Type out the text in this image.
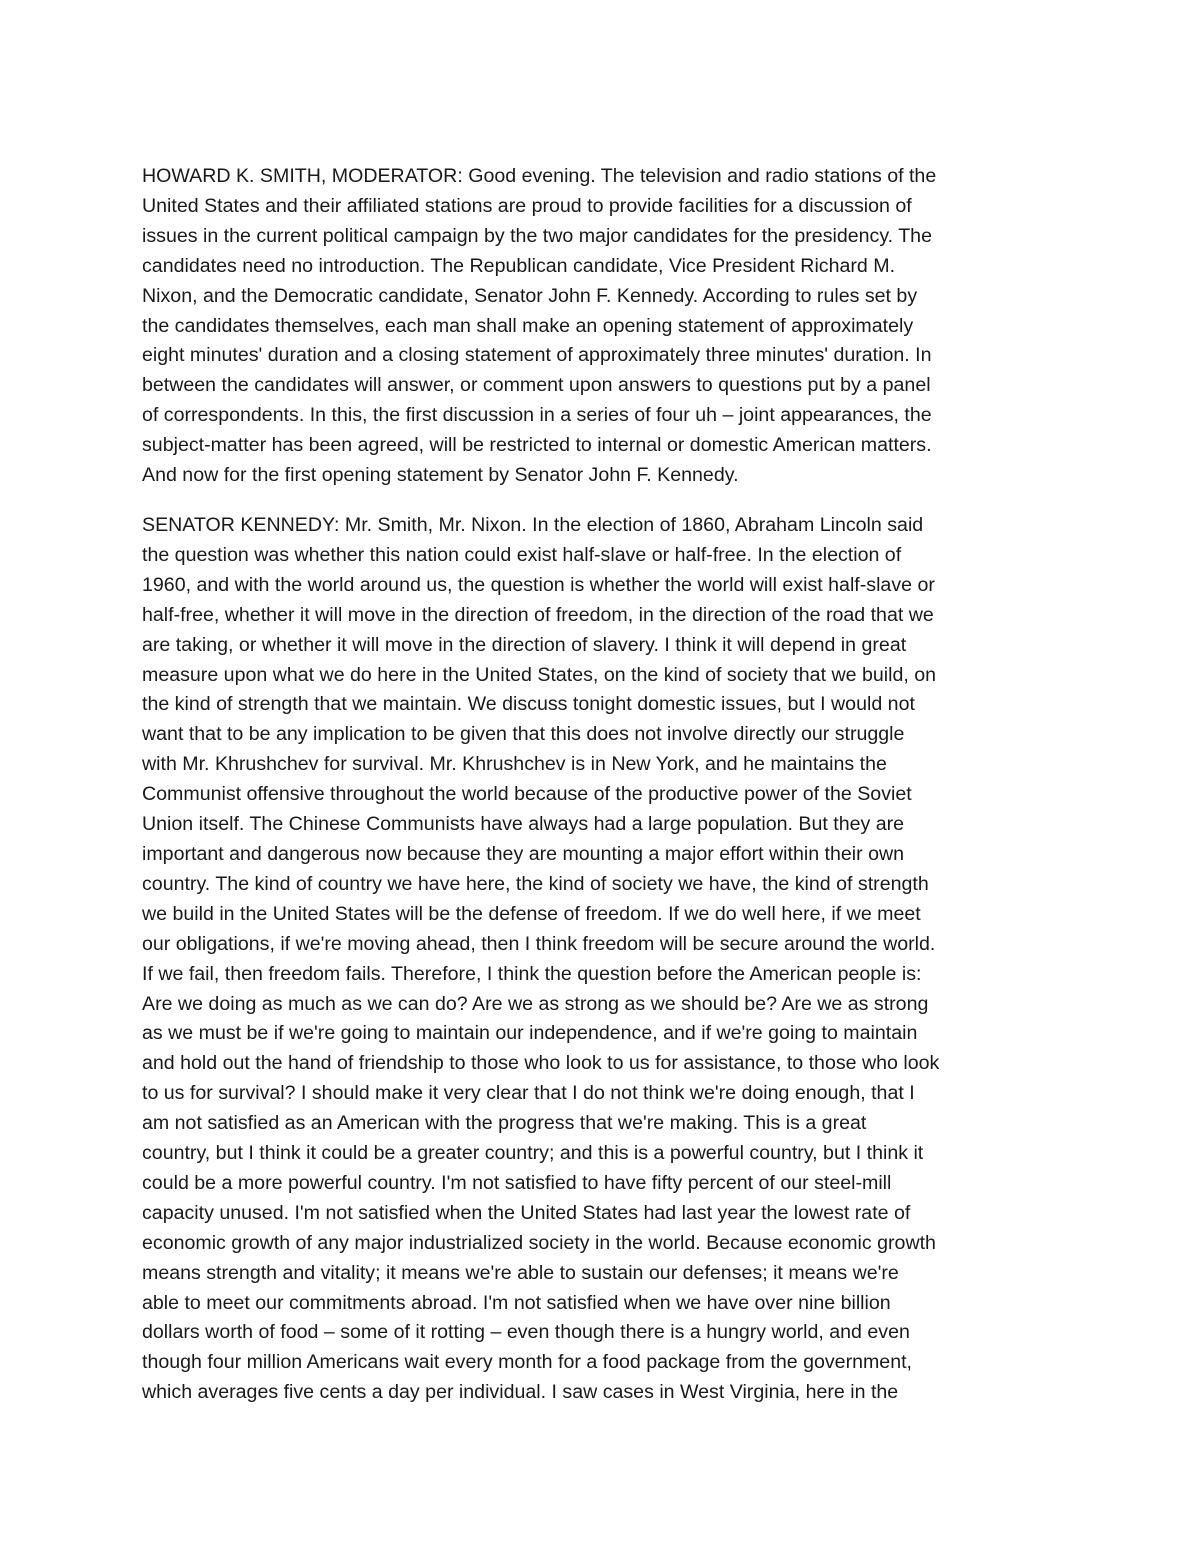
HOWARD K. SMITH, MODERATOR: Good evening. The television and radio stations of the
United States and their affiliated stations are proud to provide facilities for a discussion of
issues in the current political campaign by the two major candidates for the presidency. The
candidates need no introduction. The Republican candidate, Vice President Richard M.
Nixon, and the Democratic candidate, Senator John F. Kennedy. According to rules set by
the candidates themselves, each man shall make an opening statement of approximately
eight minutes' duration and a closing statement of approximately three minutes' duration. In
between the candidates will answer, or comment upon answers to questions put by a panel
of correspondents. In this, the first discussion in a series of four uh – joint appearances, the
subject-matter has been agreed, will be restricted to internal or domestic American matters.
And now for the first opening statement by Senator John F. Kennedy.
SENATOR KENNEDY: Mr. Smith, Mr. Nixon. In the election of 1860, Abraham Lincoln said
the question was whether this nation could exist half-slave or half-free. In the election of
1960, and with the world around us, the question is whether the world will exist half-slave or
half-free, whether it will move in the direction of freedom, in the direction of the road that we
are taking, or whether it will move in the direction of slavery. I think it will depend in great
measure upon what we do here in the United States, on the kind of society that we build, on
the kind of strength that we maintain. We discuss tonight domestic issues, but I would not
want that to be any implication to be given that this does not involve directly our struggle
with Mr. Khrushchev for survival. Mr. Khrushchev is in New York, and he maintains the
Communist offensive throughout the world because of the productive power of the Soviet
Union itself. The Chinese Communists have always had a large population. But they are
important and dangerous now because they are mounting a major effort within their own
country. The kind of country we have here, the kind of society we have, the kind of strength
we build in the United States will be the defense of freedom. If we do well here, if we meet
our obligations, if we're moving ahead, then I think freedom will be secure around the world.
If we fail, then freedom fails. Therefore, I think the question before the American people is:
Are we doing as much as we can do? Are we as strong as we should be? Are we as strong
as we must be if we're going to maintain our independence, and if we're going to maintain
and hold out the hand of friendship to those who look to us for assistance, to those who look
to us for survival? I should make it very clear that I do not think we're doing enough, that I
am not satisfied as an American with the progress that we're making. This is a great
country, but I think it could be a greater country; and this is a powerful country, but I think it
could be a more powerful country. I'm not satisfied to have fifty percent of our steel-mill
capacity unused. I'm not satisfied when the United States had last year the lowest rate of
economic growth of any major industrialized society in the world. Because economic growth
means strength and vitality; it means we're able to sustain our defenses; it means we're
able to meet our commitments abroad. I'm not satisfied when we have over nine billion
dollars worth of food – some of it rotting – even though there is a hungry world, and even
though four million Americans wait every month for a food package from the government,
which averages five cents a day per individual. I saw cases in West Virginia, here in the
